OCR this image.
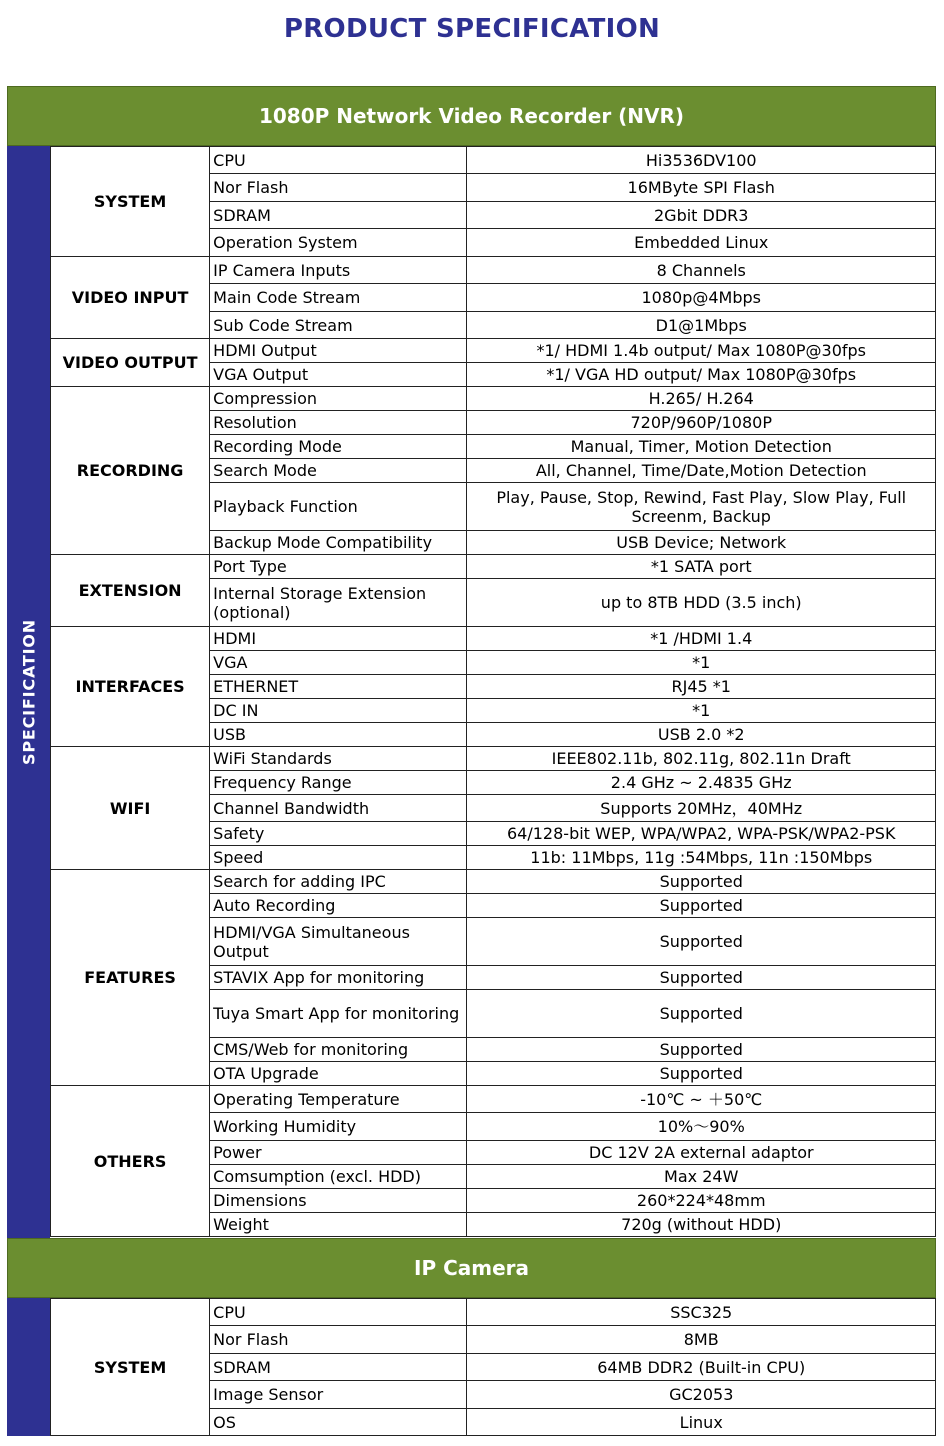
PRODUCT SPECIFICATION
1080P Network Video Recorder (NVR)
SPECIFICATION
SYSTEM	CPU	Hi3536DV100
	Nor Flash	16MByte SPI Flash
	SDRAM	2Gbit DDR3
	Operation System	Embedded Linux
VIDEO INPUT	IP Camera Inputs	8 Channels
	Main Code Stream	1080p@4Mbps
	Sub Code Stream	D1@1Mbps
VIDEO OUTPUT	HDMI Output	*1/ HDMI 1.4b output/ Max 1080P@30fps
	VGA Output	*1/ VGA HD output/ Max 1080P@30fps
RECORDING	Compression	H.265/ H.264
	Resolution	720P/960P/1080P
	Recording Mode	Manual, Timer, Motion Detection
	Search Mode	All, Channel, Time/Date,Motion Detection
	Playback Function	Play, Pause, Stop, Rewind, Fast Play, Slow Play, Full Screenm, Backup
	Backup Mode Compatibility	USB Device; Network
EXTENSION	Port Type	*1 SATA port
	Internal Storage Extension (optional)	up to 8TB HDD (3.5 inch)
INTERFACES	HDMI	*1 /HDMI 1.4
	VGA	*1
	ETHERNET	RJ45 *1
	DC IN	*1
	USB	USB 2.0 *2
WIFI	WiFi Standards	IEEE802.11b, 802.11g, 802.11n Draft
	Frequency Range	2.4 GHz ~ 2.4835 GHz
	Channel Bandwidth	Supports 20MHz，40MHz
	Safety	64/128-bit WEP, WPA/WPA2, WPA-PSK/WPA2-PSK
	Speed	11b: 11Mbps, 11g :54Mbps, 11n :150Mbps
FEATURES	Search for adding IPC	Supported
	Auto Recording	Supported
	HDMI/VGA Simultaneous Output	Supported
	STAVIX App for monitoring	Supported
	Tuya Smart App for monitoring	Supported
	CMS/Web for monitoring	Supported
	OTA Upgrade	Supported
OTHERS	Operating Temperature	-10℃ ~ ＋50℃
	Working Humidity	10%～90%
	Power	DC 12V 2A external adaptor
	Comsumption (excl. HDD)	Max 24W
	Dimensions	260*224*48mm
	Weight	720g (without HDD)
IP Camera
SYSTEM	CPU	SSC325
	Nor Flash	8MB
	SDRAM	64MB DDR2 (Built-in CPU)
	Image Sensor	GC2053
	OS	Linux
